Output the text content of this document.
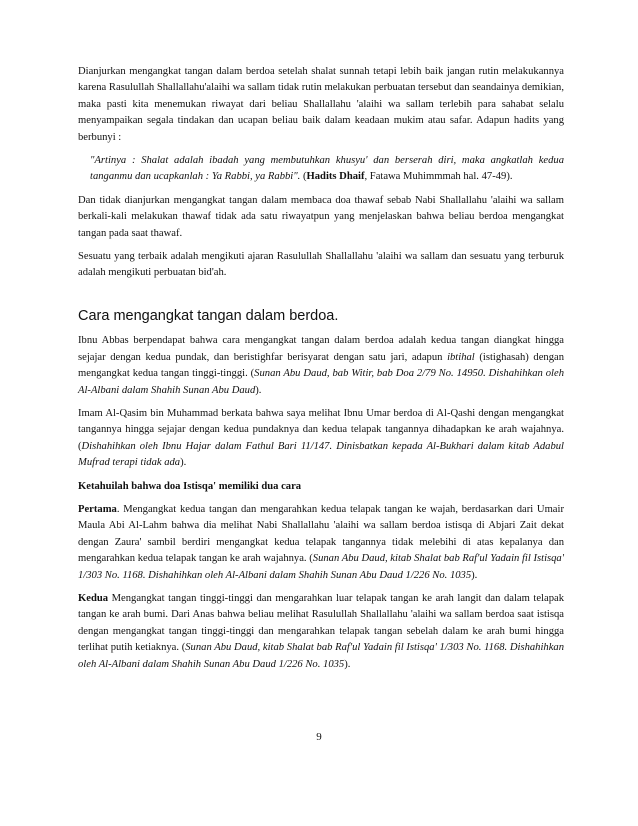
Dianjurkan mengangkat tangan dalam berdoa setelah shalat sunnah tetapi lebih baik jangan rutin melakukannya karena Rasulullah Shallallahu'alaihi wa sallam tidak rutin melakukan perbuatan tersebut dan seandainya demikian, maka pasti kita menemukan riwayat dari beliau Shallallahu 'alaihi wa sallam terlebih para sahabat selalu menyampaikan segala tindakan dan ucapan beliau baik dalam keadaan mukim atau safar. Adapun hadits yang berbunyi :

"Artinya : Shalat adalah ibadah yang membutuhkan khusyu' dan berserah diri, maka angkatlah kedua tanganmu dan ucapkanlah : Ya Rabbi, ya Rabbi". (Hadits Dhaif, Fatawa Muhimmmah hal. 47-49).

Dan tidak dianjurkan mengangkat tangan dalam membaca doa thawaf sebab Nabi Shallallahu 'alaihi wa sallam berkali-kali melakukan thawaf tidak ada satu riwayatpun yang menjelaskan bahwa beliau berdoa mengangkat tangan pada saat thawaf.

Sesuatu yang terbaik adalah mengikuti ajaran Rasulullah Shallallahu 'alaihi wa sallam dan sesuatu yang terburuk adalah mengikuti perbuatan bid'ah.

Cara mengangkat tangan dalam berdoa.

Ibnu Abbas berpendapat bahwa cara mengangkat tangan dalam berdoa adalah kedua tangan diangkat hingga sejajar dengan kedua pundak, dan beristighfar berisyarat dengan satu jari, adapun ibtihal (istighasah) dengan mengangkat kedua tangan tinggi-tinggi. (Sunan Abu Daud, bab Witir, bab Doa 2/79 No. 14950. Dishahihkan oleh Al-Albani dalam Shahih Sunan Abu Daud).

Imam Al-Qasim bin Muhammad berkata bahwa saya melihat Ibnu Umar berdoa di Al-Qashi dengan mengangkat tangannya hingga sejajar dengan kedua pundaknya dan kedua telapak tangannya dihadapkan ke arah wajahnya. (Dishahihkan oleh Ibnu Hajar dalam Fathul Bari 11/147. Dinisbatkan kepada Al-Bukhari dalam kitab Adabul Mufrad terapi tidak ada).

Ketahuilah bahwa doa Istisqa' memiliki dua cara

Pertama. Mengangkat kedua tangan dan mengarahkan kedua telapak tangan ke wajah, berdasarkan dari Umair Maula Abi Al-Lahm bahwa dia melihat Nabi Shallallahu 'alaihi wa sallam berdoa istisqa di Abjari Zait dekat dengan Zaura' sambil berdiri mengangkat kedua telapak tangannya tidak melebihi di atas kepalanya dan mengarahkan kedua telapak tangan ke arah wajahnya. (Sunan Abu Daud, kitab Shalat bab Raf'ul Yadain fil Istisqa' 1/303 No. 1168. Dishahihkan oleh Al-Albani dalam Shahih Sunan Abu Daud 1/226 No. 1035).

Kedua Mengangkat tangan tinggi-tinggi dan mengarahkan luar telapak tangan ke arah langit dan dalam telapak tangan ke arah bumi. Dari Anas bahwa beliau melihat Rasulullah Shallallahu 'alaihi wa sallam berdoa saat istisqa dengan mengangkat tangan tinggi-tinggi dan mengarahkan telapak tangan sebelah dalam ke arah bumi hingga terlihat putih ketiaknya. (Sunan Abu Daud, kitab Shalat bab Raf'ul Yadain fil Istisqa' 1/303 No. 1168. Dishahihkan oleh Al-Albani dalam Shahih Sunan Abu Daud 1/226 No. 1035).

9
